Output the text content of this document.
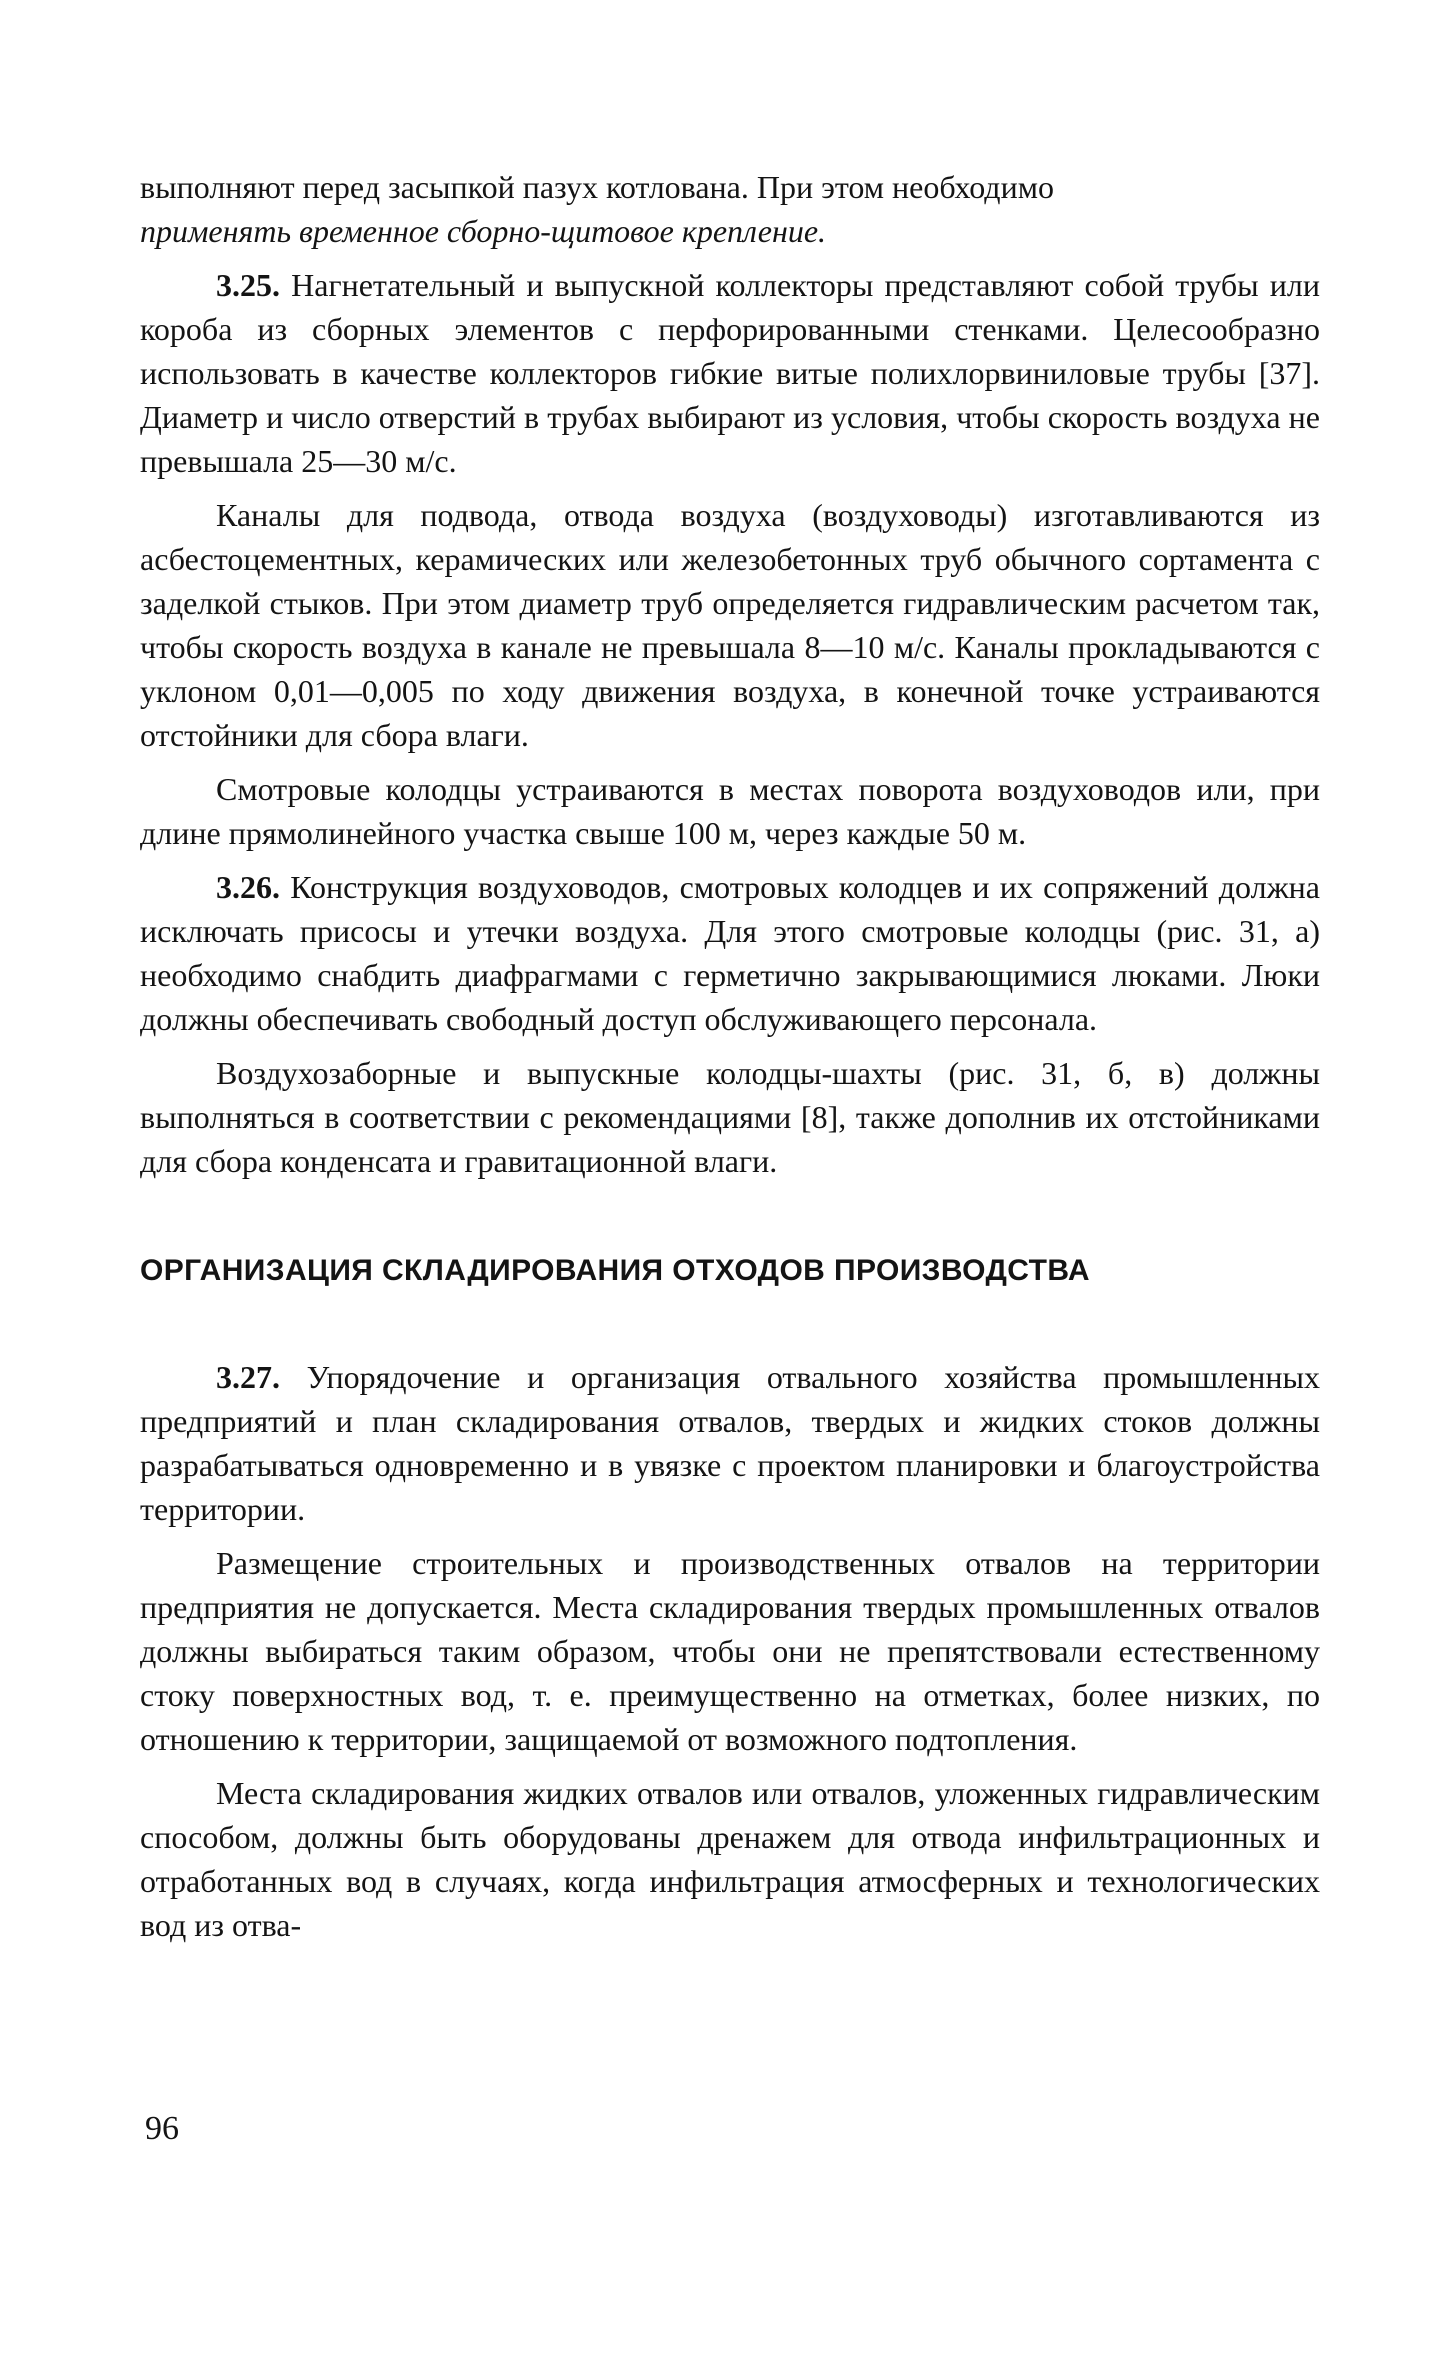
выполняют перед засыпкой пазух котлована. При этом необходимо
применять временное сборно-щитовое крепление.

3.25. Нагнетательный и выпускной коллекторы представляют собой трубы или короба из сборных элементов с перфорированными стенками. Целесообразно использовать в качестве коллекторов гибкие витые полихлорвиниловые трубы [37]. Диаметр и число отверстий в трубах выбирают из условия, чтобы скорость воздуха не превышала 25—30 м/с.

Каналы для подвода, отвода воздуха (воздуховоды) изготавливаются из асбестоцементных, керамических или железобетонных труб обычного сортамента с заделкой стыков. При этом диаметр труб определяется гидравлическим расчетом так, чтобы скорость воздуха в канале не превышала 8—10 м/с. Каналы прокладываются с уклоном 0,01—0,005 по ходу движения воздуха, в конечной точке устраиваются отстойники для сбора влаги.

Смотровые колодцы устраиваются в местах поворота воздуховодов или, при длине прямолинейного участка свыше 100 м, через каждые 50 м.

3.26. Конструкция воздуховодов, смотровых колодцев и их сопряжений должна исключать присосы и утечки воздуха. Для этого смотровые колодцы (рис. 31, а) необходимо снабдить диафрагмами с герметично закрывающимися люками. Люки должны обеспечивать свободный доступ обслуживающего персонала.

Воздухозаборные и выпускные колодцы-шахты (рис. 31, б, в) должны выполняться в соответствии с рекомендациями [8], также дополнив их отстойниками для сбора конденсата и гравитационной влаги.

ОРГАНИЗАЦИЯ СКЛАДИРОВАНИЯ ОТХОДОВ ПРОИЗВОДСТВА

3.27. Упорядочение и организация отвального хозяйства промышленных предприятий и план складирования отвалов, твердых и жидких стоков должны разрабатываться одновременно и в увязке с проектом планировки и благоустройства территории.

Размещение строительных и производственных отвалов на территории предприятия не допускается. Места складирования твердых промышленных отвалов должны выбираться таким образом, чтобы они не препятствовали естественному стоку поверхностных вод, т. е. преимущественно на отметках, более низких, по отношению к территории, защищаемой от возможного подтопления.

Места складирования жидких отвалов или отвалов, уложенных гидравлическим способом, должны быть оборудованы дренажем для отвода инфильтрационных и отработанных вод в случаях, когда инфильтрация атмосферных и технологических вод из отва-

96
